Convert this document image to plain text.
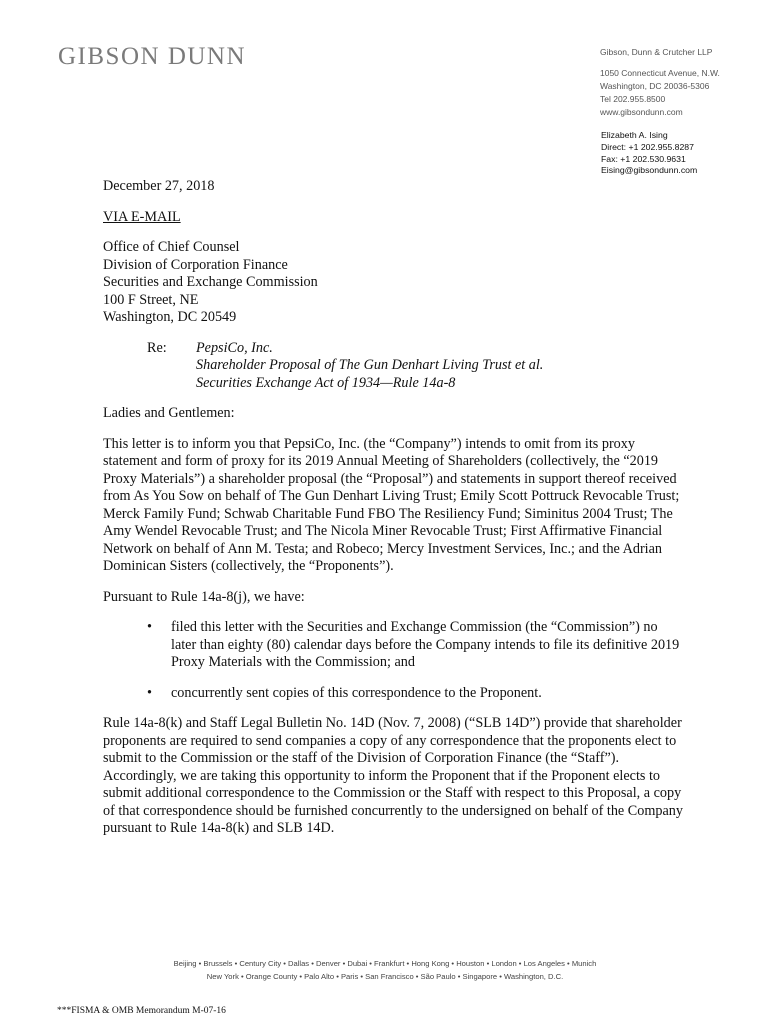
GIBSON DUNN	Gibson, Dunn & Crutcher LLP
1050 Connecticut Avenue, N.W.
Washington, DC 20036-5306
Tel 202.955.8500
www.gibsondunn.com
Elizabeth A. Ising
Direct: +1 202.955.8287
Fax: +1 202.530.9631
Eising@gibsondunn.com
December 27, 2018
VIA E-MAIL
Office of Chief Counsel
Division of Corporation Finance
Securities and Exchange Commission
100 F Street, NE
Washington, DC 20549
Re:	PepsiCo, Inc.
Shareholder Proposal of The Gun Denhart Living Trust et al.
Securities Exchange Act of 1934—Rule 14a-8
Ladies and Gentlemen:
This letter is to inform you that PepsiCo, Inc. (the “Company”) intends to omit from its proxy statement and form of proxy for its 2019 Annual Meeting of Shareholders (collectively, the “2019 Proxy Materials”) a shareholder proposal (the “Proposal”) and statements in support thereof received from As You Sow on behalf of The Gun Denhart Living Trust; Emily Scott Pottruck Revocable Trust; Merck Family Fund; Schwab Charitable Fund FBO The Resiliency Fund; Siminitus 2004 Trust; The Amy Wendel Revocable Trust; and The Nicola Miner Revocable Trust; First Affirmative Financial Network on behalf of Ann M. Testa; and Robeco; Mercy Investment Services, Inc.; and the Adrian Dominican Sisters (collectively, the “Proponents”).
Pursuant to Rule 14a-8(j), we have:
•	filed this letter with the Securities and Exchange Commission (the “Commission”) no later than eighty (80) calendar days before the Company intends to file its definitive 2019 Proxy Materials with the Commission; and
•	concurrently sent copies of this correspondence to the Proponent.
Rule 14a-8(k) and Staff Legal Bulletin No. 14D (Nov. 7, 2008) (“SLB 14D”) provide that shareholder proponents are required to send companies a copy of any correspondence that the proponents elect to submit to the Commission or the staff of the Division of Corporation Finance (the “Staff”). Accordingly, we are taking this opportunity to inform the Proponent that if the Proponent elects to submit additional correspondence to the Commission or the Staff with respect to this Proposal, a copy of that correspondence should be furnished concurrently to the undersigned on behalf of the Company pursuant to Rule 14a-8(k) and SLB 14D.
Beijing • Brussels • Century City • Dallas • Denver • Dubai • Frankfurt • Hong Kong • Houston • London • Los Angeles • Munich
New York • Orange County • Palo Alto • Paris • San Francisco • São Paulo • Singapore • Washington, D.C.
***FISMA & OMB Memorandum M-07-16
